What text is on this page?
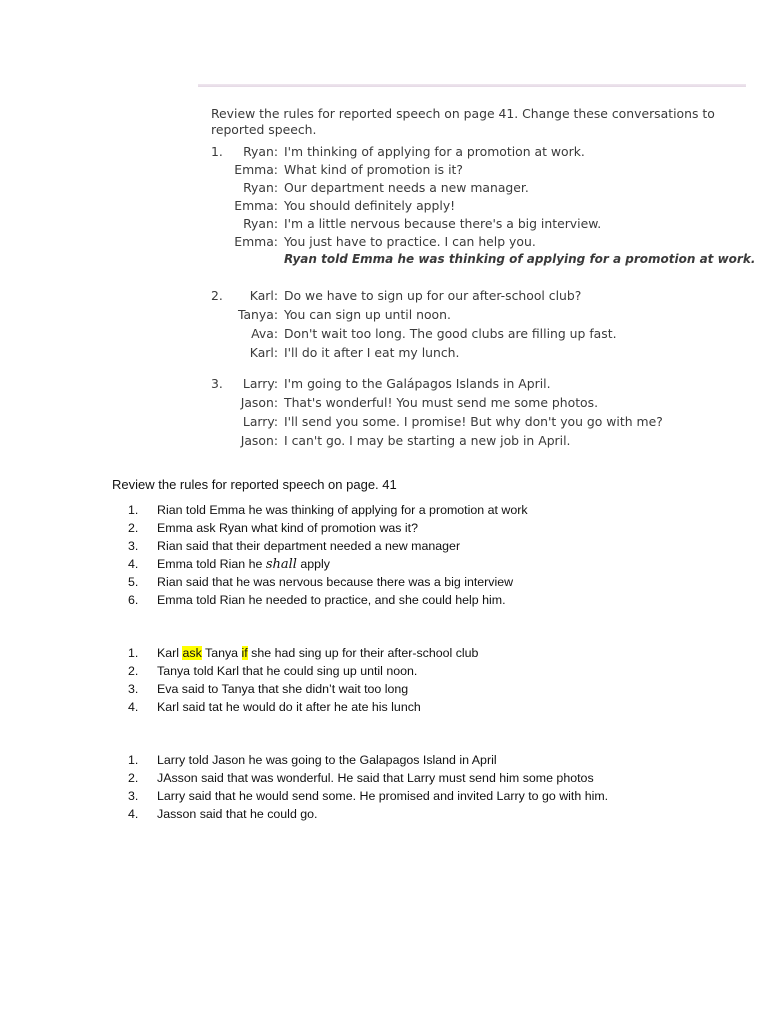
Review the rules for reported speech on page 41. Change these conversations to reported speech.
1.	Ryan: I'm thinking of applying for a promotion at work.
Emma: What kind of promotion is it?
Ryan: Our department needs a new manager.
Emma: You should definitely apply!
Ryan: I'm a little nervous because there's a big interview.
Emma: You just have to practice. I can help you.
Ryan told Emma he was thinking of applying for a promotion at work.
2.	Karl: Do we have to sign up for our after-school club?
Tanya: You can sign up until noon.
Ava: Don't wait too long. The good clubs are filling up fast.
Karl: I'll do it after I eat my lunch.
3.	Larry: I'm going to the Galápagos Islands in April.
Jason: That's wonderful! You must send me some photos.
Larry: I'll send you some. I promise! But why don't you go with me?
Jason: I can't go. I may be starting a new job in April.
Review the rules for reported speech on page. 41
1.	Rian told Emma he was thinking of applying for a promotion at work
2.	Emma ask Ryan what kind of promotion was it?
3.	Rian said that their department needed a new manager
4.	Emma told Rian he shall apply
5.	Rian said that he was nervous because there was a big interview
6.	Emma told Rian he needed to practice, and she could help him.
1.	Karl ask Tanya if she had sing up for their after-school club
2.	Tanya told Karl that he could sing up until noon.
3.	Eva said to Tanya that she didn’t wait too long
4.	Karl said tat he would do it after he ate his lunch
1.	Larry told Jason he was going to the Galapagos Island in April
2.	JAsson said that was wonderful. He said that Larry must send him some photos
3.	Larry said that he would send some. He promised and invited Larry to go with him.
4.	Jasson said that he could go.
